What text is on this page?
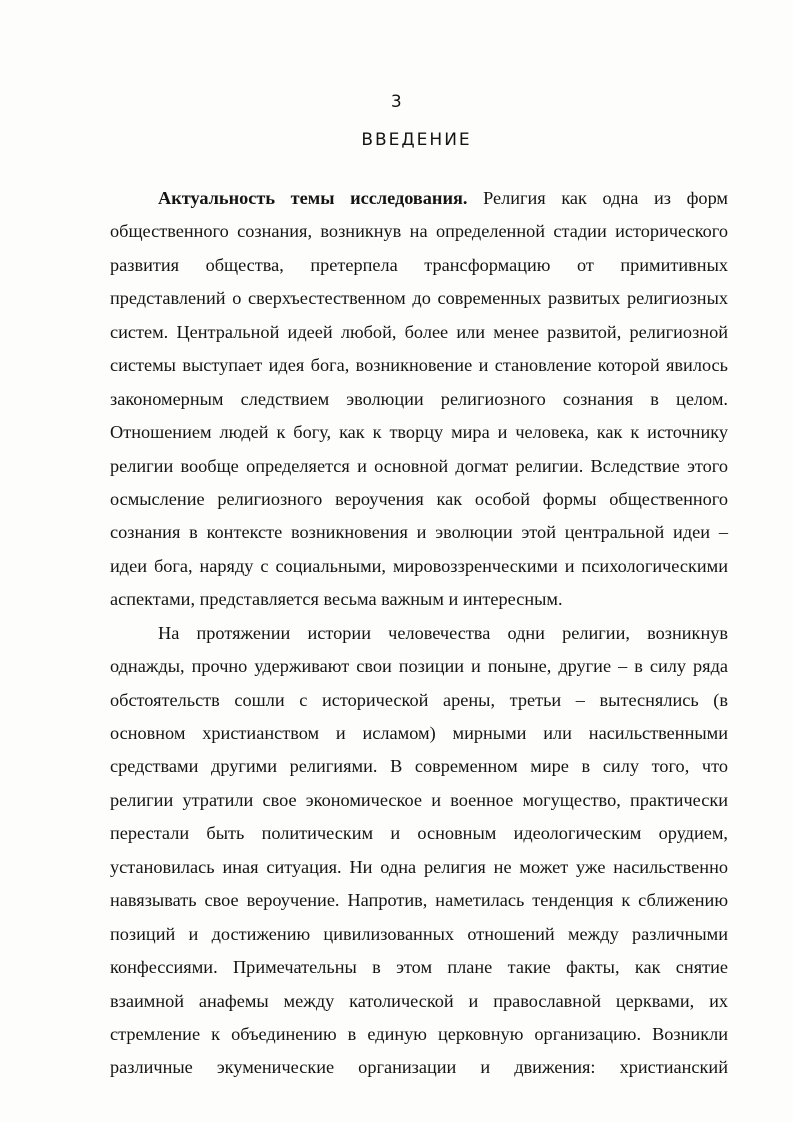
3
ВВЕДЕНИЕ
Актуальность темы исследования. Религия как одна из форм
общественного сознания, возникнув на определенной стадии исторического
развития общества, претерпела трансформацию от примитивных
представлений о сверхъестественном до современных развитых религиозных
систем. Центральной идеей любой, более или менее развитой, религиозной
системы выступает идея бога, возникновение и становление которой явилось
закономерным следствием эволюции религиозного сознания в целом.
Отношением людей к богу, как к творцу мира и человека, как к источнику
религии вообще определяется и основной догмат религии. Вследствие этого
осмысление религиозного вероучения как особой формы общественного
сознания в контексте возникновения и эволюции этой центральной идеи –
идеи бога, наряду с социальными, мировоззренческими и психологическими
аспектами, представляется весьма важным и интересным.
На протяжении истории человечества одни религии, возникнув
однажды, прочно удерживают свои позиции и поныне, другие – в силу ряда
обстоятельств сошли с исторической арены, третьи – вытеснялись (в
основном христианством и исламом) мирными или насильственными
средствами другими религиями. В современном мире в силу того, что
религии утратили свое экономическое и военное могущество, практически
перестали быть политическим и основным идеологическим орудием,
установилась иная ситуация. Ни одна религия не может уже насильственно
навязывать свое вероучение. Напротив, наметилась тенденция к сближению
позиций и достижению цивилизованных отношений между различными
конфессиями. Примечательны в этом плане такие факты, как снятие
взаимной анафемы между католической и православной церквами, их
стремление к объединению в единую церковную организацию. Возникли
различные экуменические организации и движения: христианский
